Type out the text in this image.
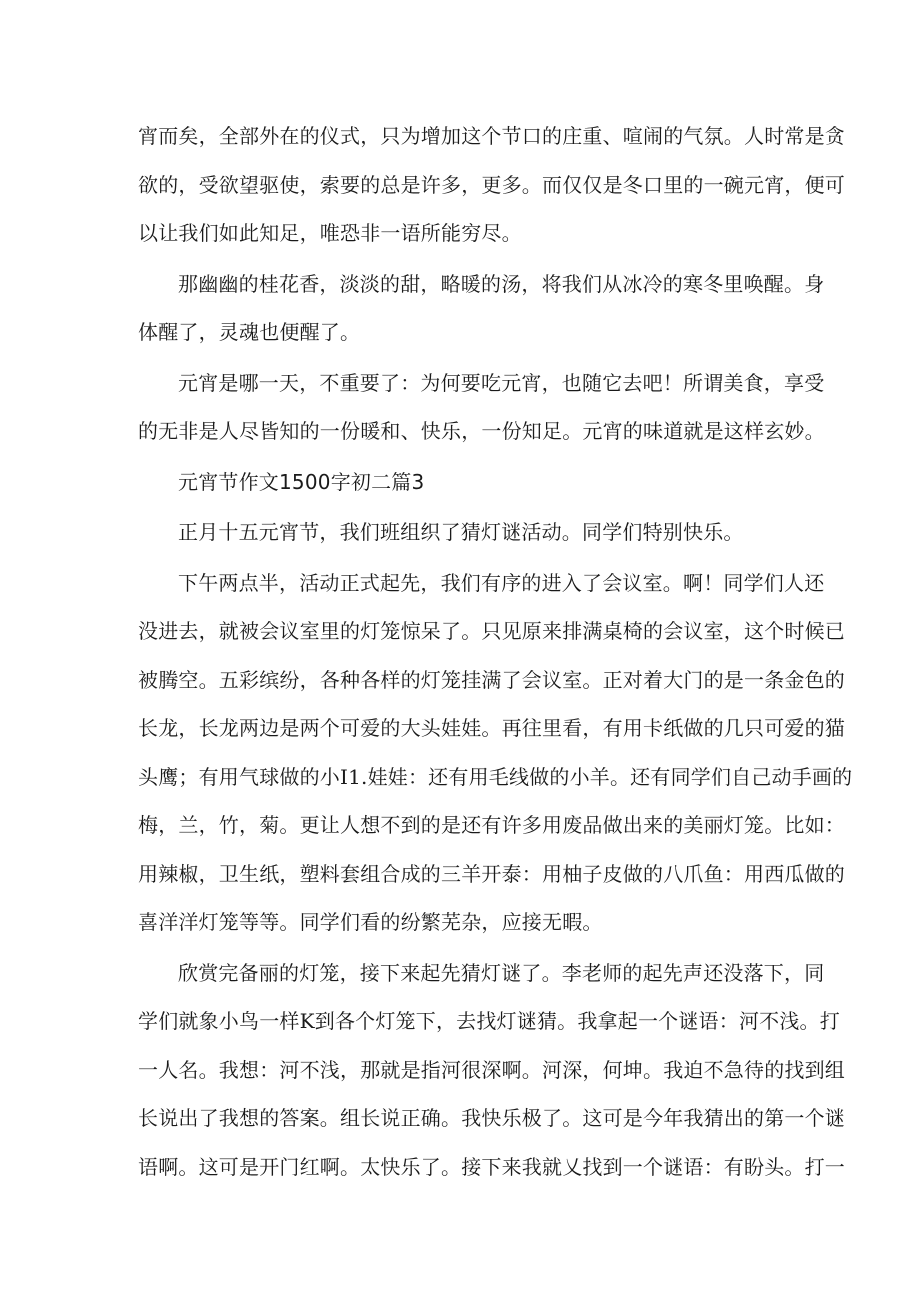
宵而矣，全部外在的仪式，只为增加这个节口的庄重、喧闹的气氛。人时常是贪
欲的，受欲望驱使，索要的总是许多，更多。而仅仅是冬口里的一碗元宵，便可
以让我们如此知足，唯恐非一语所能穷尽。
那幽幽的桂花香，淡淡的甜，略暖的汤，将我们从冰冷的寒冬里唤醒。身
体醒了，灵魂也便醒了。
元宵是哪一天，不重要了：为何要吃元宵，也随它去吧！所谓美食，享受
的无非是人尽皆知的一份暖和、快乐，一份知足。元宵的味道就是这样玄妙。
元宵节作文1500字初二篇3
正月十五元宵节，我们班组织了猜灯谜活动。同学们特别快乐。
下午两点半，活动正式起先，我们有序的进入了会议室。啊！同学们人还
没进去，就被会议室里的灯笼惊呆了。只见原来排满桌椅的会议室，这个时候已
被腾空。五彩缤纷，各种各样的灯笼挂满了会议室。正对着大门的是一条金色的
长龙，长龙两边是两个可爱的大头娃娃。再往里看，有用卡纸做的几只可爱的猫
头鹰；有用气球做的小I1.娃娃：还有用毛线做的小羊。还有同学们自己动手画的
梅，兰，竹，菊。更让人想不到的是还有许多用废品做出来的美丽灯笼。比如：
用辣椒，卫生纸，塑料套组合成的三羊开泰：用柚子皮做的八爪鱼：用西瓜做的
喜洋洋灯笼等等。同学们看的纷繁芜杂，应接无暇。
欣赏完备丽的灯笼，接下来起先猜灯谜了。李老师的起先声还没落下，同
学们就象小鸟一样K到各个灯笼下，去找灯谜猜。我拿起一个谜语：河不浅。打
一人名。我想：河不浅，那就是指河很深啊。河深，何坤。我迫不急待的找到组
长说出了我想的答案。组长说正确。我快乐极了。这可是今年我猜出的第一个谜
语啊。这可是开门红啊。太快乐了。接下来我就乂找到一个谜语：有盼头。打一
